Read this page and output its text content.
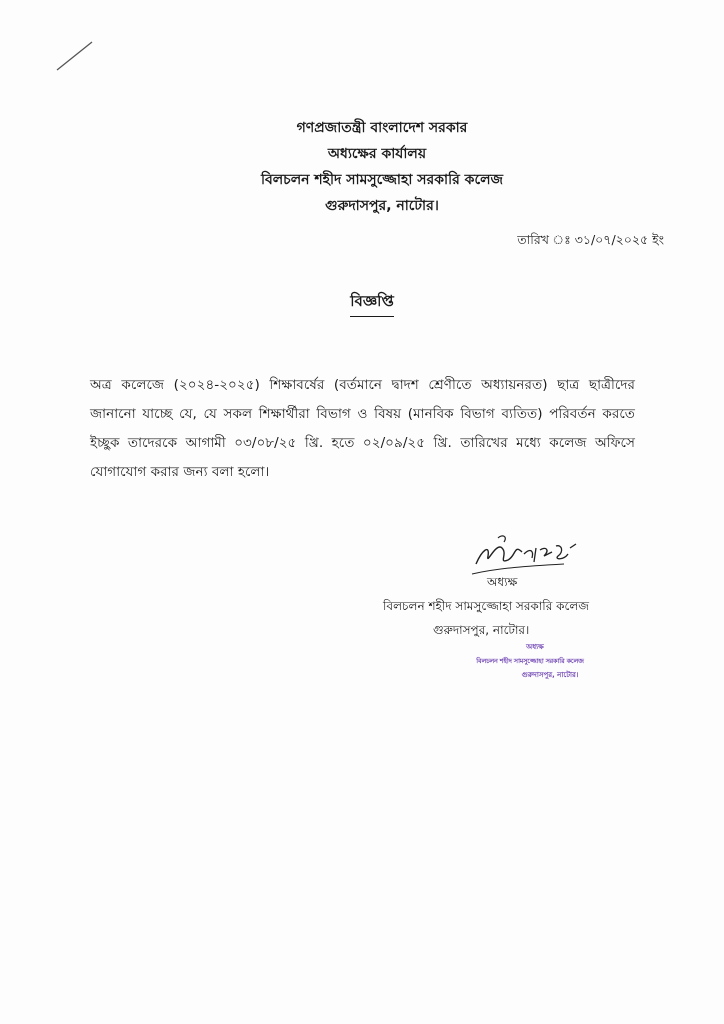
গণপ্রজাতন্ত্রী বাংলাদেশ সরকার
অধ্যক্ষের কার্যালয়
বিলচলন শহীদ সামসুজ্জোহা সরকারি কলেজ
গুরুদাসপুর, নাটোর।
তারিখ ঃ ৩১/০৭/২০২৫ ইং
বিজ্ঞপ্তি
অত্র কলেজে (২০২৪-২০২৫) শিক্ষাবর্ষের (বর্তমানে দ্বাদশ শ্রেণীতে অধ্যায়নরত) ছাত্র ছাত্রীদের জানানো যাচ্ছে যে, যে সকল শিক্ষার্থীরা বিভাগ ও বিষয় (মানবিক বিভাগ ব্যতিত) পরিবর্তন করতে ইচ্ছুক তাদেরকে আগামী ০৩/০৮/২৫ খ্রি. হতে ০২/০৯/২৫ খ্রি. তারিখের মধ্যে কলেজ অফিসে যোগাযোগ করার জন্য বলা হলো।
অধ্যক্ষ
বিলচলন শহীদ সামসুজ্জোহা সরকারি কলেজ
গুরুদাসপুর, নাটোর।
অধ্যক্ষ
বিলচলন শহীদ সামসুজ্জোহা সরকারি কলেজ
গুরুদাসপুর, নাটোর।
